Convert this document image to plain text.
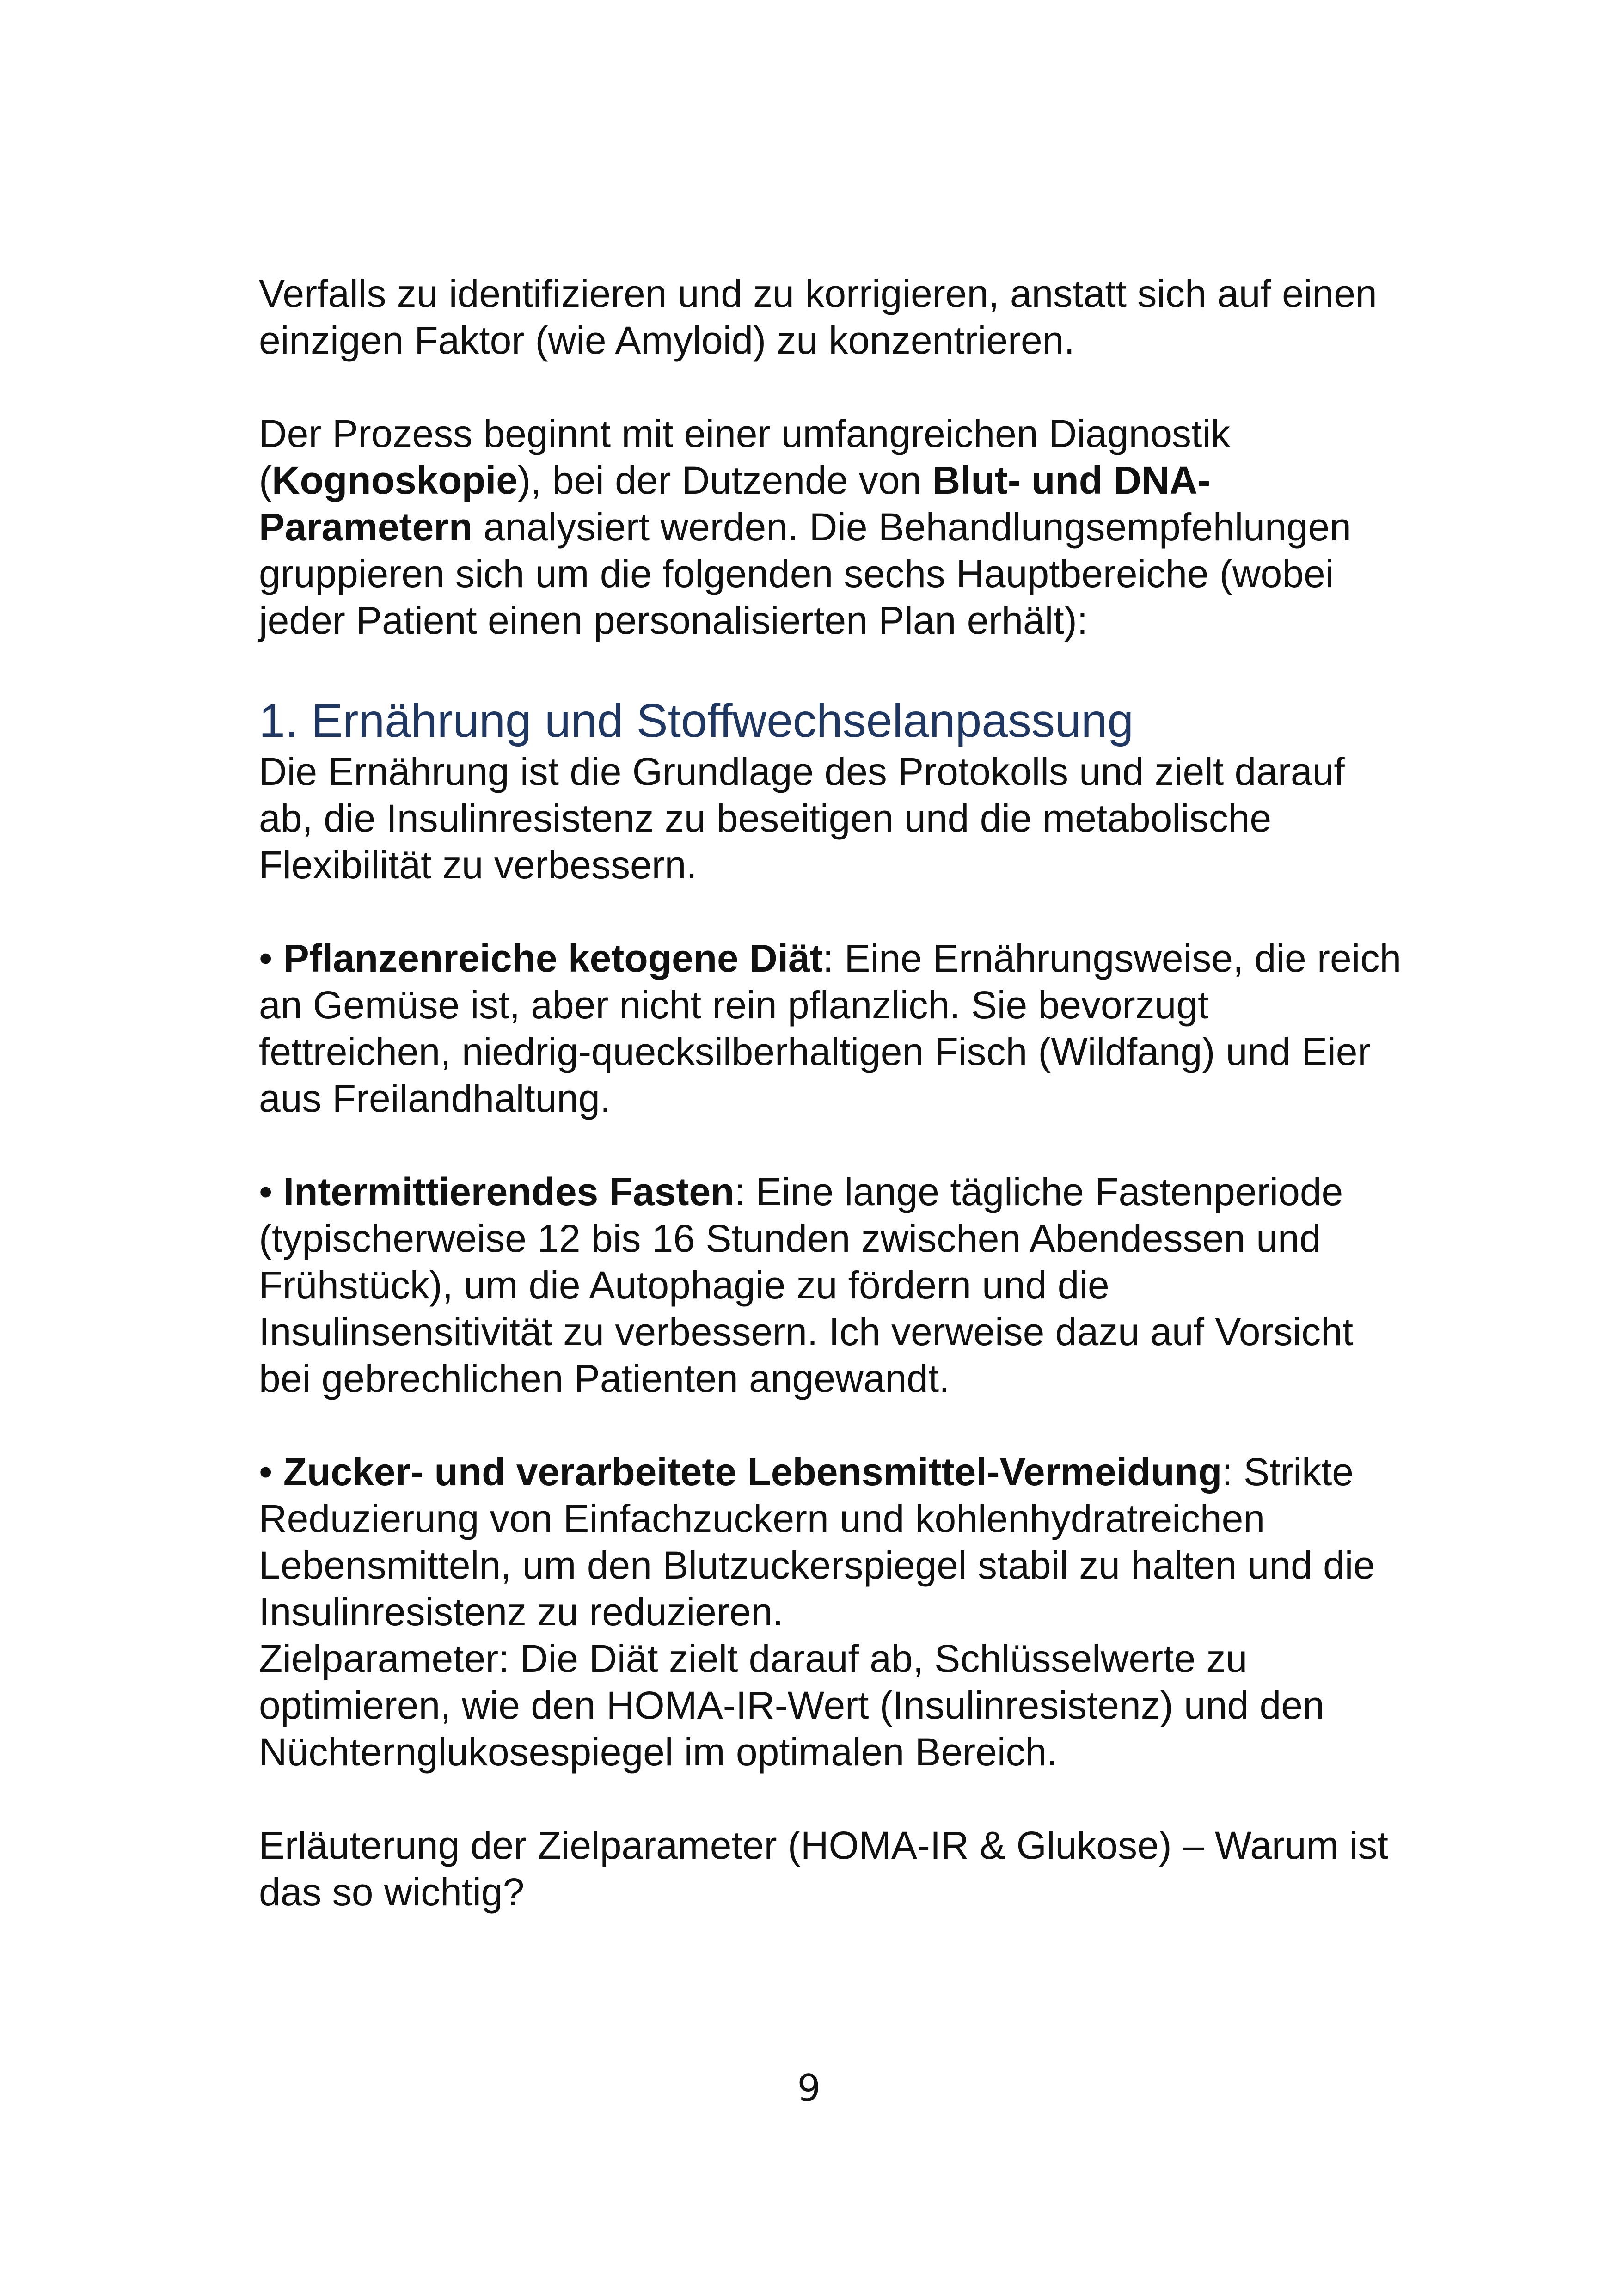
Verfalls zu identifizieren und zu korrigieren, anstatt sich auf einen einzigen Faktor (wie Amyloid) zu konzentrieren.

Der Prozess beginnt mit einer umfangreichen Diagnostik (Kognoskopie), bei der Dutzende von Blut- und DNA-Parametern analysiert werden. Die Behandlungsempfehlungen gruppieren sich um die folgenden sechs Hauptbereiche (wobei jeder Patient einen personalisierten Plan erhält):

1. Ernährung und Stoffwechselanpassung

Die Ernährung ist die Grundlage des Protokolls und zielt darauf ab, die Insulinresistenz zu beseitigen und die metabolische Flexibilität zu verbessern.

• Pflanzenreiche ketogene Diät: Eine Ernährungsweise, die reich an Gemüse ist, aber nicht rein pflanzlich. Sie bevorzugt fettreichen, niedrig-quecksilberhaltigen Fisch (Wildfang) und Eier aus Freilandhaltung.

• Intermittierendes Fasten: Eine lange tägliche Fastenperiode (typischerweise 12 bis 16 Stunden zwischen Abendessen und Frühstück), um die Autophagie zu fördern und die Insulinsensitivität zu verbessern. Ich verweise dazu auf Vorsicht bei gebrechlichen Patienten angewandt.

• Zucker- und verarbeitete Lebensmittel-Vermeidung: Strikte Reduzierung von Einfachzuckern und kohlenhydratreichen Lebensmitteln, um den Blutzuckerspiegel stabil zu halten und die Insulinresistenz zu reduzieren.

Zielparameter: Die Diät zielt darauf ab, Schlüsselwerte zu optimieren, wie den HOMA-IR-Wert (Insulinresistenz) und den Nüchternglukosespiegel im optimalen Bereich.

Erläuterung der Zielparameter (HOMA-IR & Glukose) – Warum ist das so wichtig?

9
